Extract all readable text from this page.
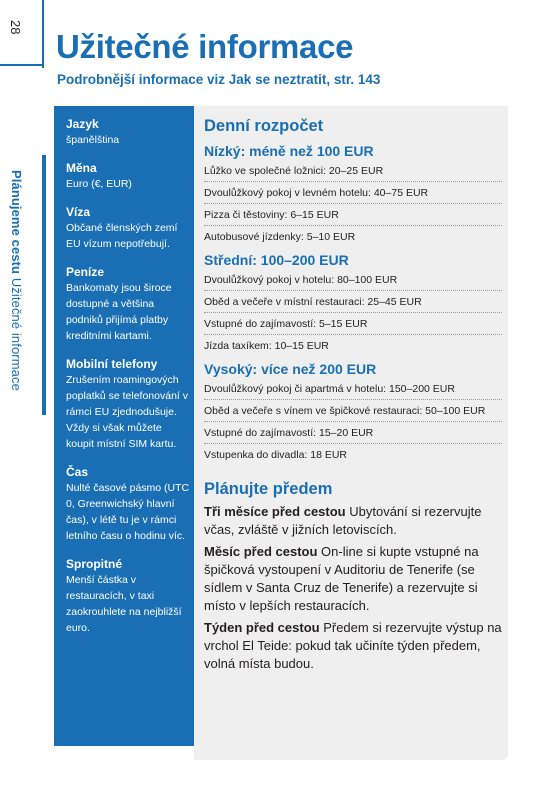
28
Plánujeme cestu Užitečné informace
Užitečné informace

Podrobnější informace viz Jak se neztratit, str. 143

Jazyk
španělština
Měna
Euro (€, EUR)
Víza
Občané členských zemí EU vízum nepotřebují.
Peníze
Bankomaty jsou široce dostupné a většina podniků přijímá platby kreditními kartami.
Mobilní telefony
Zrušením roamingových poplatků se telefonování v rámci EU zjednodušuje. Vždy si však můžete koupit místní SIM kartu.
Čas
Nulté časové pásmo (UTC 0, Greenwichský hlavní čas), v létě tu je v rámci letního času o hodinu víc.
Spropitné
Menší částka v restauracích, v taxi zaokrouhlete na nejbližší euro.
Denní rozpočet
Nízký: méně než 100 EUR
Lůžko ve společné ložnici: 20–25 EUR
Dvoulůžkový pokoj v levném hotelu: 40–75 EUR
Pizza či těstoviny: 6–15 EUR
Autobusové jízdenky: 5–10 EUR
Střední: 100–200 EUR
Dvoulůžkový pokoj v hotelu: 80–100 EUR
Oběd a večeře v místní restauraci: 25–45 EUR
Vstupné do zajímavostí: 5–15 EUR
Jízda taxíkem: 10–15 EUR
Vysoký: více než 200 EUR
Dvoulůžkový pokoj či apartmá v hotelu: 150–200 EUR
Oběd a večeře s vínem ve špičkové restauraci: 50–100 EUR
Vstupné do zajímavostí: 15–20 EUR
Vstupenka do divadla: 18 EUR
Plánujte předem

Tři měsíce před cestou Ubytování si rezervujte včas, zvláště v jižních letoviscích.

Měsíc před cestou On-line si kupte vstupné na špičková vystoupení v Auditoriu de Tenerife (se sídlem v Santa Cruz de Tenerife) a rezervujte si místo v lepších restauracích.

Týden před cestou Předem si rezervujte výstup na vrchol El Teide: pokud tak učiníte týden předem, volná místa budou.
